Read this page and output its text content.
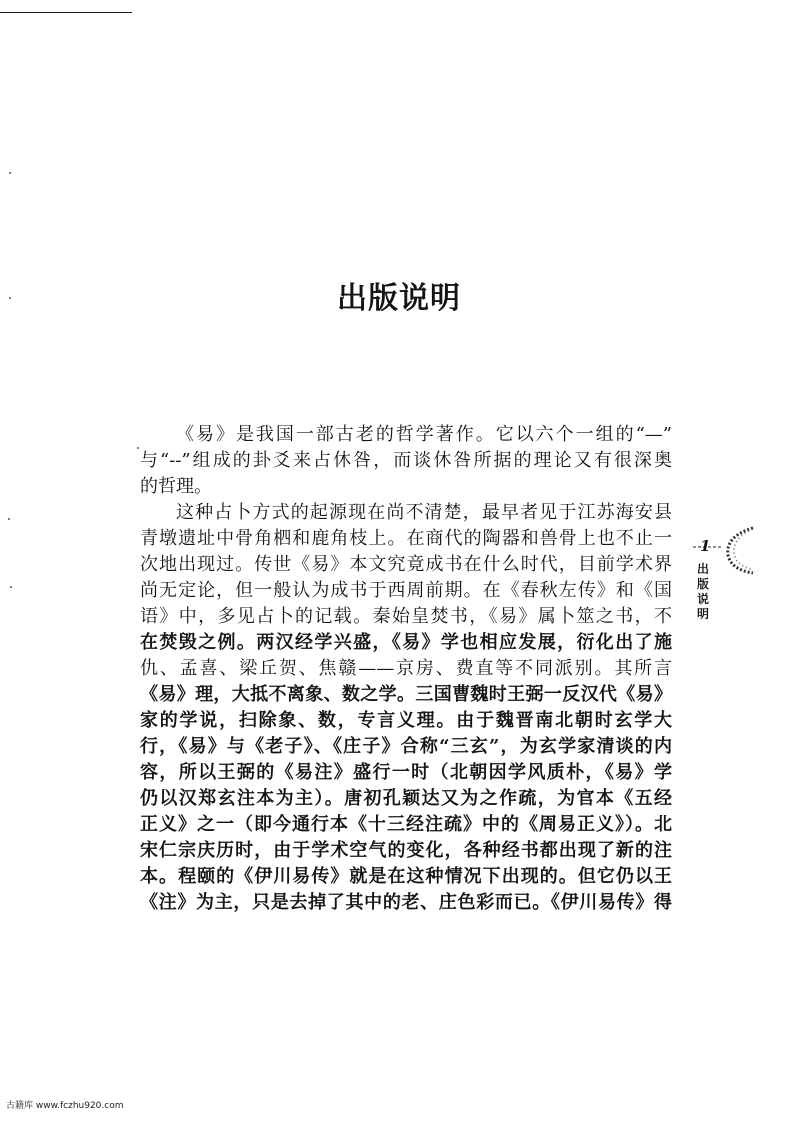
出版说明

《易》是我国一部古老的哲学著作。它以六个一组的“—”
与“--”组成的卦爻来占休咎，而谈休咎所据的理论又有很深奥
的哲理。

这种占卜方式的起源现在尚不清楚，最早者见于江苏海安县
青墩遗址中骨角柶和鹿角枝上。在商代的陶器和兽骨上也不止一
次地出现过。传世《易》本文究竟成书在什么时代，目前学术界
尚无定论，但一般认为成书于西周前期。在《春秋左传》和《国
语》中，多见占卜的记载。秦始皇焚书，《易》属卜筮之书，不
在焚毁之例。两汉经学兴盛，《易》学也相应发展，衍化出了施
仇、孟喜、梁丘贺、焦赣——京房、费直等不同派别。其所言
《易》理，大抵不离象、数之学。三国曹魏时王弼一反汉代《易》
家的学说，扫除象、数，专言义理。由于魏晋南北朝时玄学大
行，《易》与《老子》、《庄子》合称“三玄”，为玄学家清谈的内
容，所以王弼的《易注》盛行一时（北朝因学风质朴，《易》学
仍以汉郑玄注本为主）。唐初孔颖达又为之作疏，为官本《五经
正义》之一（即今通行本《十三经注疏》中的《周易正义》）。北
宋仁宗庆历时，由于学术空气的变化，各种经书都出现了新的注
本。程颐的《伊川易传》就是在这种情况下出现的。但它仍以王
《注》为主，只是去掉了其中的老、庄色彩而已。《伊川易传》得

1
出
版
说
明
古籍库 www.fczhu920.com
